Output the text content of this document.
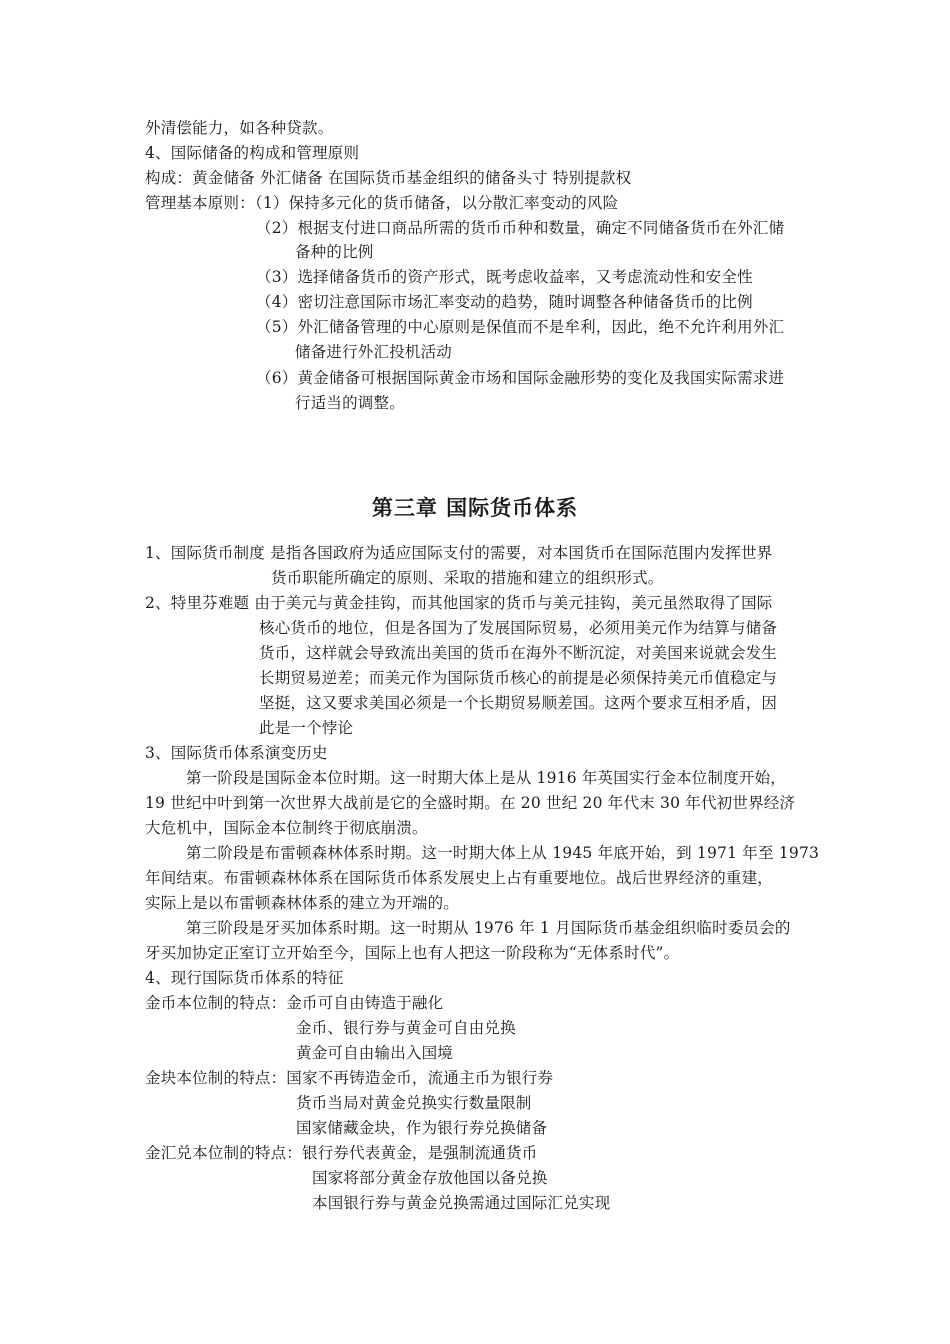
外清偿能力，如各种贷款。
4、国际储备的构成和管理原则
构成：黄金储备 外汇储备 在国际货币基金组织的储备头寸 特别提款权
管理基本原则：（1）保持多元化的货币储备，以分散汇率变动的风险
（2）根据支付进口商品所需的货币币种和数量，确定不同储备货币在外汇储
备种的比例
（3）选择储备货币的资产形式，既考虑收益率，又考虑流动性和安全性
（4）密切注意国际市场汇率变动的趋势，随时调整各种储备货币的比例
（5）外汇储备管理的中心原则是保值而不是牟利，因此，绝不允许利用外汇
储备进行外汇投机活动
（6）黄金储备可根据国际黄金市场和国际金融形势的变化及我国实际需求进
行适当的调整。
第三章 国际货币体系
1、国际货币制度 是指各国政府为适应国际支付的需要，对本国货币在国际范围内发挥世界
货币职能所确定的原则、采取的措施和建立的组织形式。
2、特里芬难题 由于美元与黄金挂钩，而其他国家的货币与美元挂钩，美元虽然取得了国际
核心货币的地位，但是各国为了发展国际贸易，必须用美元作为结算与储备
货币，这样就会导致流出美国的货币在海外不断沉淀，对美国来说就会发生
长期贸易逆差；而美元作为国际货币核心的前提是必须保持美元币值稳定与
坚挺，这又要求美国必须是一个长期贸易顺差国。这两个要求互相矛盾，因
此是一个悖论
3、国际货币体系演变历史
第一阶段是国际金本位时期。这一时期大体上是从 1916 年英国实行金本位制度开始，
19 世纪中叶到第一次世界大战前是它的全盛时期。在 20 世纪 20 年代末 30 年代初世界经济
大危机中，国际金本位制终于彻底崩溃。
第二阶段是布雷顿森林体系时期。这一时期大体上从 1945 年底开始，到 1971 年至 1973
年间结束。布雷顿森林体系在国际货币体系发展史上占有重要地位。战后世界经济的重建，
实际上是以布雷顿森林体系的建立为开端的。
第三阶段是牙买加体系时期。这一时期从 1976 年 1 月国际货币基金组织临时委员会的
牙买加协定正室订立开始至今，国际上也有人把这一阶段称为“无体系时代”。
4、现行国际货币体系的特征
金币本位制的特点：金币可自由铸造于融化
金币、银行券与黄金可自由兑换
黄金可自由输出入国境
金块本位制的特点：国家不再铸造金币，流通主币为银行券
货币当局对黄金兑换实行数量限制
国家储藏金块，作为银行券兑换储备
金汇兑本位制的特点：银行券代表黄金，是强制流通货币
国家将部分黄金存放他国以备兑换
本国银行券与黄金兑换需通过国际汇兑实现
